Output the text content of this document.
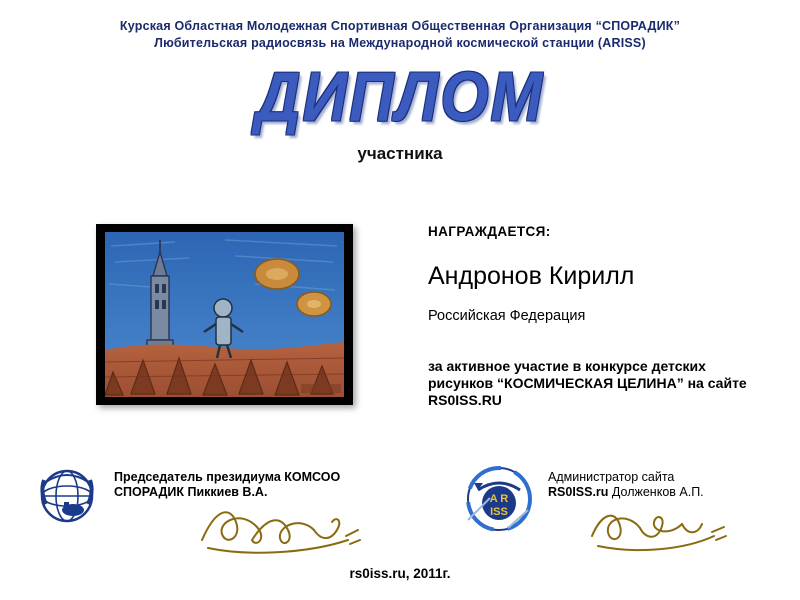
Курская Областная Молодежная Спортивная Общественная Организация “СПОРАДИК”
Любительская радиосвязь на Международной космической станции (ARISS)
ДИПЛОМ
участника
НАГРАЖДАЕТСЯ:
Андронов Кирилл
Российская Федерация
за активное участие в конкурсе детских рисунков “КОСМИЧЕСКАЯ ЦЕЛИНА” на сайте RS0ISS.RU
Председатель президиума КОМСОО
СПОРАДИК Пиккиев В.А.	A R
ISS
Администратор сайта
RS0ISS.ru Долженков А.П.
rs0iss.ru, 2011г.
